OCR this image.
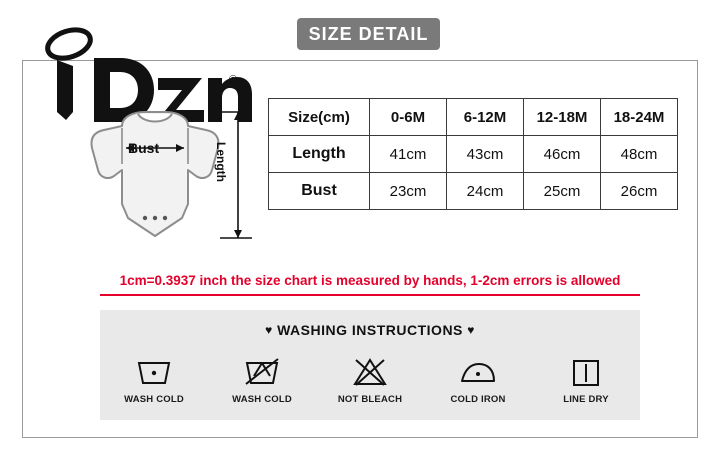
SIZE DETAIL
®
Bust	Length
Size(cm)	0-6M	6-12M	12-18M	18-24M
Length	41cm	43cm	46cm	48cm
Bust	23cm	24cm	25cm	26cm
1cm=0.3937 inch the size chart is measured by hands, 1-2cm errors is allowed
♥ WASHING INSTRUCTIONS ♥
WASH COLD	WASH COLD	NOT BLEACH	COLD IRON	LINE DRY
